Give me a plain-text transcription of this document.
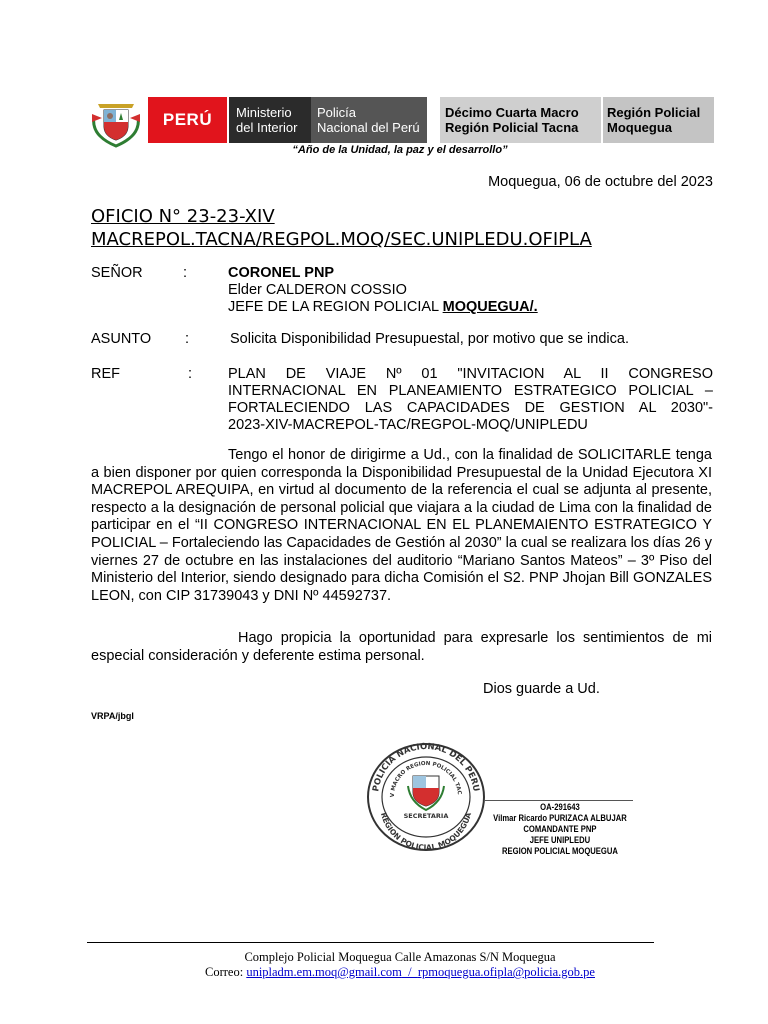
PERÚ Ministerio
del Interior
Policía
Nacional del Perú
Décimo Cuarta Macro
Región Policial Tacna
Región Policial
Moquegua
“Año de la Unidad, la paz y el desarrollo”
Moquegua, 06 de octubre del 2023
OFICIO N° 23-23-XIV
MACREPOL.TACNA/REGPOL.MOQ/SEC.UNIPLEDU.OFIPLA
SEÑOR	:	CORONEL PNP
Elder CALDERON COSSIO
JEFE DE LA REGION POLICIAL MOQUEGUA/.
ASUNTO :	Solicita Disponibilidad Presupuestal, por motivo que se indica.
REF	: PLAN DE VIAJE Nº 01 "INVITACION AL II CONGRESO
INTERNACIONAL EN PLANEAMIENTO ESTRATEGICO POLICIAL –
FORTALECIENDO LAS CAPACIDADES DE GESTION AL 2030"-
2023-XIV-MACREPOL-TAC/REGPOL-MOQ/UNIPLEDU
Tengo el honor de dirigirme a Ud., con la finalidad de SOLICITARLE tenga a bien disponer por quien corresponda la Disponibilidad Presupuestal de la Unidad Ejecutora XI MACREPOL AREQUIPA, en virtud al documento de la referencia el cual se adjunta al presente, respecto a la designación de personal policial que viajara a la ciudad de Lima con la finalidad de participar en el “II CONGRESO INTERNACIONAL EN EL PLANEMAIENTO ESTRATEGICO Y POLICIAL – Fortaleciendo las Capacidades de Gestión al 2030” la cual se realizara los días 26 y viernes 27 de octubre en las instalaciones del auditorio “Mariano Santos Mateos” – 3º Piso del Ministerio del Interior, siendo designado para dicha Comisión el S2. PNP Jhojan Bill GONZALES LEON, con CIP 31739043 y DNI Nº 44592737.
Hago propicia la oportunidad para expresarle los sentimientos de mi especial consideración y deferente estima personal.
Dios guarde a Ud.
VRPA/jbgl
POLICIA NACIONAL DEL PERU
V MACRO REGION POLICIAL TAC
REGION POLICIAL MOQUEGUA
SECRETARIA
OA-291643
Vilmar Ricardo PURIZACA ALBUJAR
COMANDANTE PNP
JEFE UNIPLEDU
REGION POLICIAL MOQUEGUA
Complejo Policial Moquegua Calle Amazonas S/N Moquegua
Correo: unipladm.em.moq@gmail.com  /  rpmoquegua.ofipla@policia.gob.pe
